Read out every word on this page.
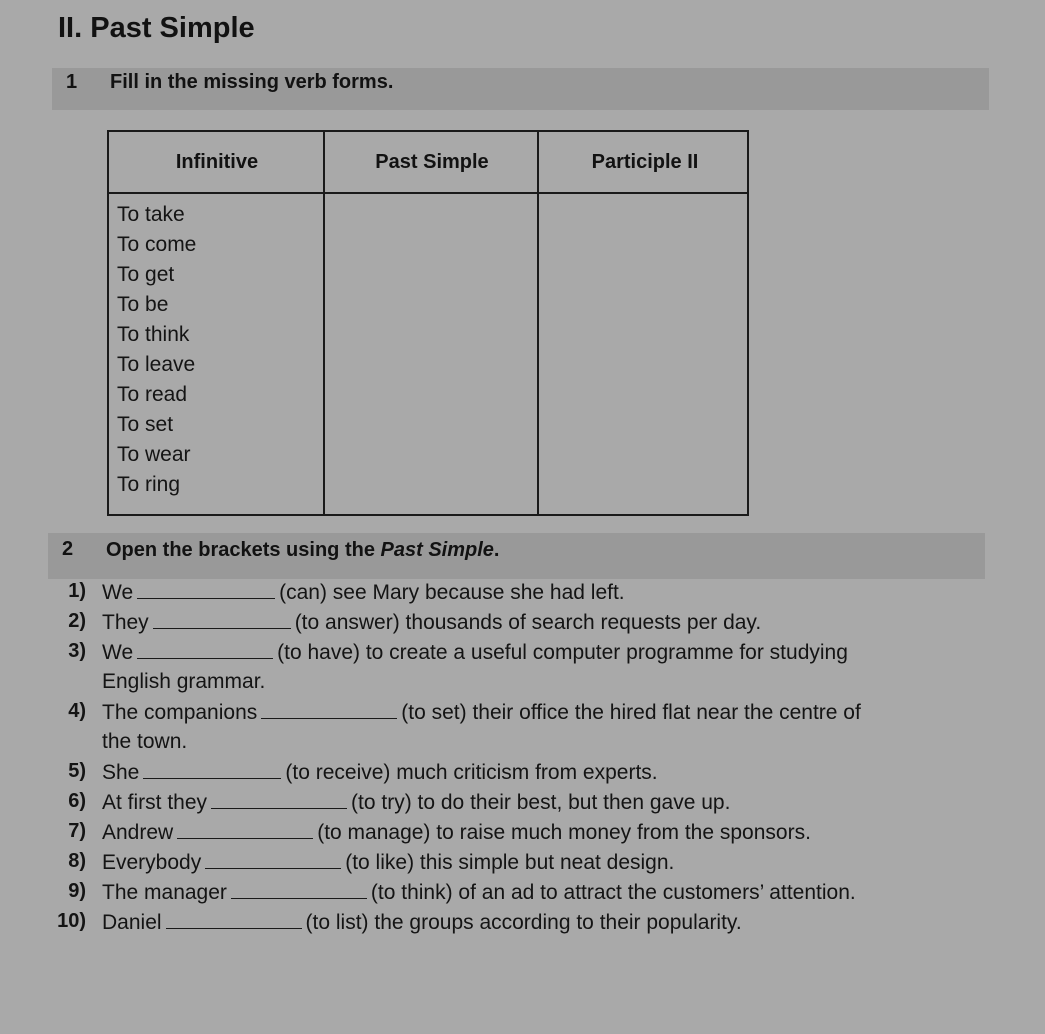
II. Past Simple
1 Fill in the missing verb forms.
Infinitive	Past Simple	Participle II
To take
To come
To get
To be
To think
To leave
To read
To set
To wear
To ring
2 Open the brackets using the Past Simple.
1) We	(can) see Mary because she had left.
2) They	(to answer) thousands of search requests per day.
3) We	(to have) to create a useful computer programme for studying
English grammar.
4) The companions	(to set) their office the hired flat near the centre of
the town.
5) She	(to receive) much criticism from experts.
6) At first they	(to try) to do their best, but then gave up.
7) Andrew	(to manage) to raise much money from the sponsors.
8) Everybody	(to like) this simple but neat design.
9) The manager	(to think) of an ad to attract the customers’ attention.
10) Daniel	(to list) the groups according to their popularity.
